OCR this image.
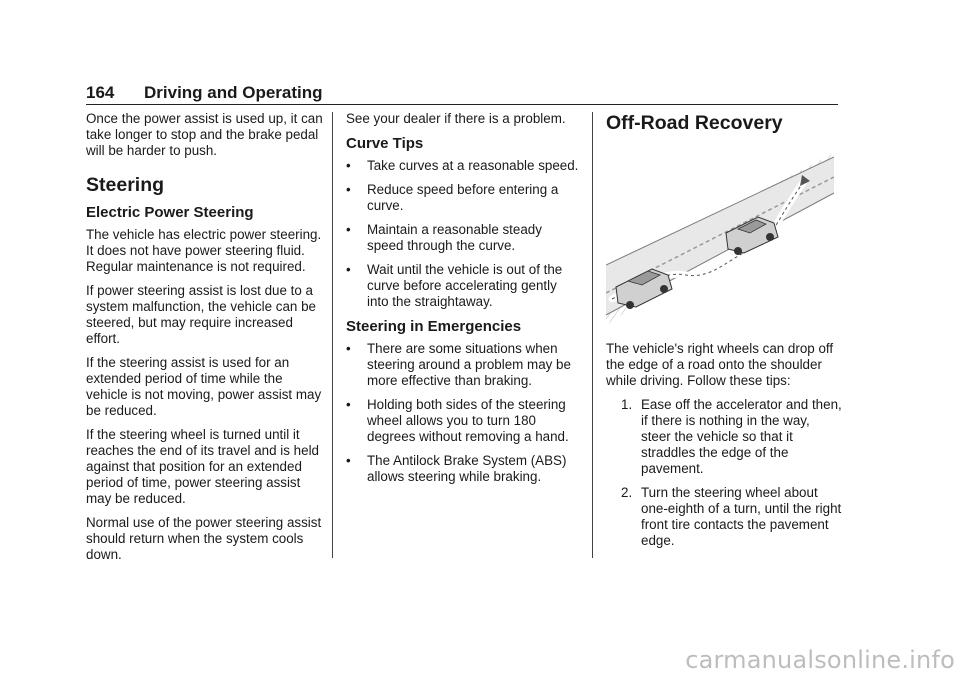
164 Driving and Operating

Once the power assist is used up, it can take longer to stop and the brake pedal will be harder to push.

Steering
Electric Power Steering

The vehicle has electric power steering. It does not have power steering fluid. Regular maintenance is not required.

If power steering assist is lost due to a system malfunction, the vehicle can be steered, but may require increased effort.

If the steering assist is used for an extended period of time while the vehicle is not moving, power assist may be reduced.

If the steering wheel is turned until it reaches the end of its travel and is held against that position for an extended period of time, power steering assist may be reduced.

Normal use of the power steering assist should return when the system cools down.

See your dealer if there is a problem.

Curve Tips
• Take curves at a reasonable speed.
• Reduce speed before entering a curve.
• Maintain a reasonable steady speed through the curve.
• Wait until the vehicle is out of the curve before accelerating gently into the straightaway.
Steering in Emergencies
• There are some situations when steering around a problem may be more effective than braking.
• Holding both sides of the steering wheel allows you to turn 180 degrees without removing a hand.
• The Antilock Brake System (ABS) allows steering while braking.
Off-Road Recovery

The vehicle's right wheels can drop off the edge of a road onto the shoulder while driving. Follow these tips:

1. Ease off the accelerator and then, if there is nothing in the way, steer the vehicle so that it straddles the edge of the pavement.
2. Turn the steering wheel about one-eighth of a turn, until the right front tire contacts the pavement edge.
carmanualsonline.info
